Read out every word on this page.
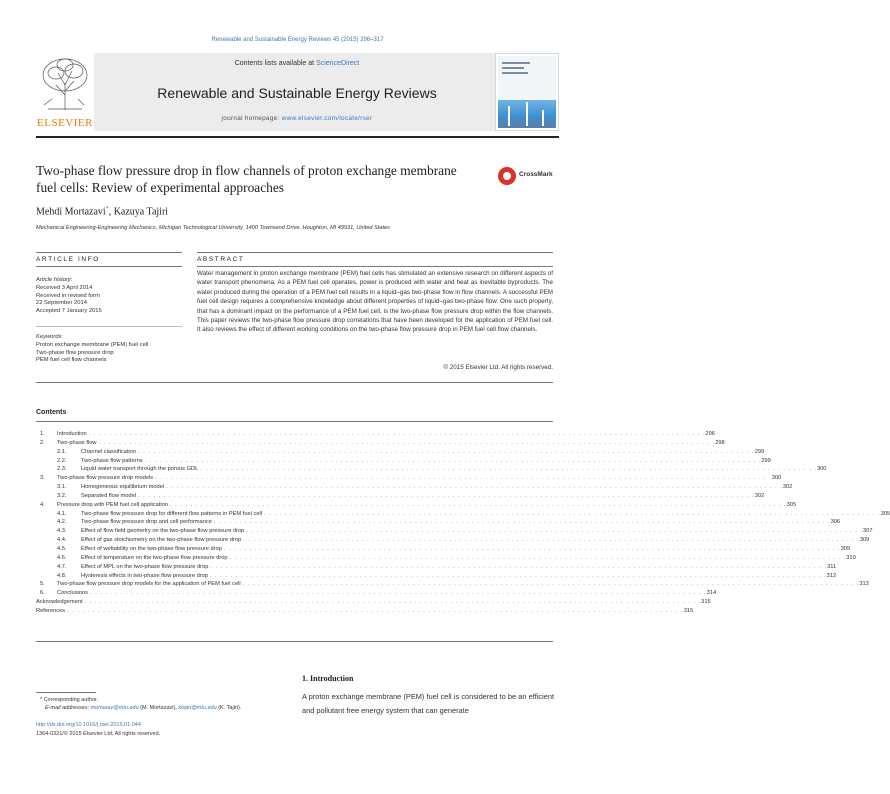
Renewable and Sustainable Energy Reviews 45 (2015) 296–317
ELSEVIER
Contents lists available at ScienceDirect
Renewable and Sustainable Energy Reviews
journal homepage: www.elsevier.com/locate/rser
Two-phase flow pressure drop in flow channels of proton exchange membrane fuel cells: Review of experimental approaches
CrossMark
Mehdi Mortazavi*, Kazuya Tajiri
Mechanical Engineering-Engineering Mechanics, Michigan Technological University, 1400 Townsend Drive, Houghton, MI 49931, United States
ARTICLE INFO
Article history:
Received 3 April 2014
Received in revised form
22 September 2014
Accepted 7 January 2015
Keywords:
Proton exchange membrane (PEM) fuel cell
Two-phase flow pressure drop
PEM fuel cell flow channels
ABSTRACT
Water management in proton exchange membrane (PEM) fuel cells has stimulated an extensive research on different aspects of water transport phenomena. As a PEM fuel cell operates, power is produced with water and heat as inevitable byproducts. The water produced during the operation of a PEM fuel cell results in a liquid–gas two-phase flow in flow channels. A successful PEM fuel cell design requires a comprehensive knowledge about different properties of liquid–gas two-phase flow. One such property, that has a dominant impact on the performance of a PEM fuel cell, is the two-phase flow pressure drop within the flow channels. This paper reviews the two-phase flow pressure drop correlations that have been developed for the application of PEM fuel cell. It also reviews the effect of different working conditions on the two-phase flow pressure drop in PEM fuel cell flow channels.
© 2015 Elsevier Ltd. All rights reserved.
Contents
1. Introduction . . . . . . . . . . . . . . . . . . . . . . . . . . . . . . . . . . . . . . . . . . . . . . . . . . . . . . . . . . . . . . . . . . . . . . . . . . . . . . . . . . . . . . . . . . . . . . . . . . . . . . . . . . . . . . . . . . . . . . . . 296
2. Two-phase flow . . . . . . . . . . . . . . . . . . . . . . . . . . . . . . . . . . . . . . . . . . . . . . . . . . . . . . . . . . . . . . . . . . . . . . . . . . . . . . . . . . . . . . . . . . . . . . . . . . . . . . . . . . . . . . . . . . . . . . . . 298
2.1.	Channel classification . . . . . . . . . . . . . . . . . . . . . . . . . . . . . . . . . . . . . . . . . . . . . . . . . . . . . . . . . . . . . . . . . . . . . . . . . . . . . . . . . . . . . . . . . . . . . . . . . . . . . . . . . . . . . . . . . . . . . . . . 299
2.2.	Two-phase flow patterns . . . . . . . . . . . . . . . . . . . . . . . . . . . . . . . . . . . . . . . . . . . . . . . . . . . . . . . . . . . . . . . . . . . . . . . . . . . . . . . . . . . . . . . . . . . . . . . . . . . . . . . . . . . . . . . . . . . . . . . . 299
2.3.	Liquid water transport through the porous GDL . . . . . . . . . . . . . . . . . . . . . . . . . . . . . . . . . . . . . . . . . . . . . . . . . . . . . . . . . . . . . . . . . . . . . . . . . . . . . . . . . . . . . . . . . . . . . . . . . . . . . . . . . . . . . . . . . . . . . . . . 300
3. Two-phase flow pressure drop models . . . . . . . . . . . . . . . . . . . . . . . . . . . . . . . . . . . . . . . . . . . . . . . . . . . . . . . . . . . . . . . . . . . . . . . . . . . . . . . . . . . . . . . . . . . . . . . . . . . . . . . . . . . . . . . . . . . . . . . . 300
3.1.	Homogeneous equilibrium model . . . . . . . . . . . . . . . . . . . . . . . . . . . . . . . . . . . . . . . . . . . . . . . . . . . . . . . . . . . . . . . . . . . . . . . . . . . . . . . . . . . . . . . . . . . . . . . . . . . . . . . . . . . . . . . . . . . . . . . . 302
3.2.	Separated flow model . . . . . . . . . . . . . . . . . . . . . . . . . . . . . . . . . . . . . . . . . . . . . . . . . . . . . . . . . . . . . . . . . . . . . . . . . . . . . . . . . . . . . . . . . . . . . . . . . . . . . . . . . . . . . . . . . . . . . . . . 302
4. Pressure drop with PEM fuel cell application . . . . . . . . . . . . . . . . . . . . . . . . . . . . . . . . . . . . . . . . . . . . . . . . . . . . . . . . . . . . . . . . . . . . . . . . . . . . . . . . . . . . . . . . . . . . . . . . . . . . . . . . . . . . . . . . . . . . . . . . 305
4.1.	Two-phase flow pressure drop for different flow patterns in PEM fuel cell . . . . . . . . . . . . . . . . . . . . . . . . . . . . . . . . . . . . . . . . . . . . . . . . . . . . . . . . . . . . . . . . . . . . . . . . . . . . . . . . . . . . . . . . . . . . . . . . . . . . . . . . . . . . . . . . . . . . . . . . 305
4.2.	Two-phase flow pressure drop and cell performance . . . . . . . . . . . . . . . . . . . . . . . . . . . . . . . . . . . . . . . . . . . . . . . . . . . . . . . . . . . . . . . . . . . . . . . . . . . . . . . . . . . . . . . . . . . . . . . . . . . . . . . . . . . . . . . . . . . . . . . . 306
4.3.	Effect of flow field geometry on the two-phase flow pressure drop . . . . . . . . . . . . . . . . . . . . . . . . . . . . . . . . . . . . . . . . . . . . . . . . . . . . . . . . . . . . . . . . . . . . . . . . . . . . . . . . . . . . . . . . . . . . . . . . . . . . . . . . . . . . . . . . . . . . . . . . 307
4.4.	Effect of gas stoichiometry on the two-phase flow pressure drop . . . . . . . . . . . . . . . . . . . . . . . . . . . . . . . . . . . . . . . . . . . . . . . . . . . . . . . . . . . . . . . . . . . . . . . . . . . . . . . . . . . . . . . . . . . . . . . . . . . . . . . . . . . . . . . . . . . . . . . . 309
4.5.	Effect of wettability on the two-phase flow pressure drop . . . . . . . . . . . . . . . . . . . . . . . . . . . . . . . . . . . . . . . . . . . . . . . . . . . . . . . . . . . . . . . . . . . . . . . . . . . . . . . . . . . . . . . . . . . . . . . . . . . . . . . . . . . . . . . . . . . . . . . . 309
4.6.	Effect of temperature on the two-phase flow pressure drop . . . . . . . . . . . . . . . . . . . . . . . . . . . . . . . . . . . . . . . . . . . . . . . . . . . . . . . . . . . . . . . . . . . . . . . . . . . . . . . . . . . . . . . . . . . . . . . . . . . . . . . . . . . . . . . . . . . . . . . . 310
4.7.	Effect of MPL on the two-phase flow pressure drop . . . . . . . . . . . . . . . . . . . . . . . . . . . . . . . . . . . . . . . . . . . . . . . . . . . . . . . . . . . . . . . . . . . . . . . . . . . . . . . . . . . . . . . . . . . . . . . . . . . . . . . . . . . . . . . . . . . . . . . . 311
4.8.	Hysteresis effects in two-phase flow pressure drop . . . . . . . . . . . . . . . . . . . . . . . . . . . . . . . . . . . . . . . . . . . . . . . . . . . . . . . . . . . . . . . . . . . . . . . . . . . . . . . . . . . . . . . . . . . . . . . . . . . . . . . . . . . . . . . . . . . . . . . . 312
5. Two-phase flow pressure drop models for the application of PEM fuel cell . . . . . . . . . . . . . . . . . . . . . . . . . . . . . . . . . . . . . . . . . . . . . . . . . . . . . . . . . . . . . . . . . . . . . . . . . . . . . . . . . . . . . . . . . . . . . . . . . . . . . . . . . . . . . . . . . . . . . . . . 313
6. Conclusions . . . . . . . . . . . . . . . . . . . . . . . . . . . . . . . . . . . . . . . . . . . . . . . . . . . . . . . . . . . . . . . . . . . . . . . . . . . . . . . . . . . . . . . . . . . . . . . . . . . . . . . . . . . . . . . . . . . . . . . . 314
Acknowledgement . . . . . . . . . . . . . . . . . . . . . . . . . . . . . . . . . . . . . . . . . . . . . . . . . . . . . . . . . . . . . . . . . . . . . . . . . . . . . . . . . . . . . . . . . . . . . . . . . . . . . . . . . . . . . . . . . . . . . . . . 315
References . . . . . . . . . . . . . . . . . . . . . . . . . . . . . . . . . . . . . . . . . . . . . . . . . . . . . . . . . . . . . . . . . . . . . . . . . . . . . . . . . . . . . . . . . . . . . . . . . . . . . . . . . . . . . . . . . . . . . . . . 315
1. Introduction
A proton exchange membrane (PEM) fuel cell is considered to be an efficient and pollutant free energy system that can generate
* Corresponding author.
E-mail addresses: mortazav@mtu.edu (M. Mortazavi), ktajiri@mtu.edu (K. Tajiri).
http://dx.doi.org/10.1016/j.rser.2015.01.044
1364-0321/© 2015 Elsevier Ltd. All rights reserved.
